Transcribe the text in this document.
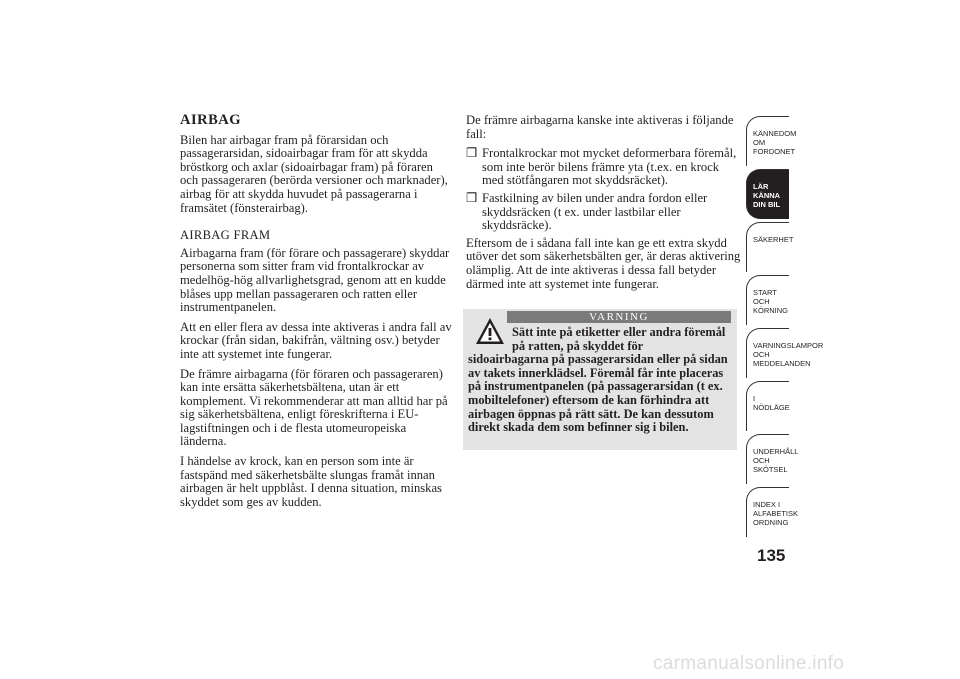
AIRBAG

Bilen har airbagar fram på förarsidan och passagerarsidan, sidoairbagar fram för att skydda bröstkorg och axlar (sidoairbagar fram) på föraren och passageraren (berörda versioner och marknader), airbag för att skydda huvudet på passagerarna i framsätet (fönsterairbag).

AIRBAG FRAM

Airbagarna fram (för förare och passagerare) skyddar personerna som sitter fram vid frontalkrockar av medelhög-hög allvarlighetsgrad, genom att en kudde blåses upp mellan passageraren och ratten eller instrumentpanelen.

Att en eller flera av dessa inte aktiveras i andra fall av krockar (från sidan, bakifrån, vältning osv.) betyder inte att systemet inte fungerar.

De främre airbagarna (för föraren och passageraren) kan inte ersätta säkerhetsbältena, utan är ett komplement. Vi rekommenderar att man alltid har på sig säkerhetsbältena, enligt föreskrifterna i EU-lagstiftningen och i de flesta utomeuropeiska länderna.

I händelse av krock, kan en person som inte är fastspänd med säkerhetsbälte slungas framåt innan airbagen är helt uppblåst. I denna situation, minskas skyddet som ges av kudden.

De främre airbagarna kanske inte aktiveras i följande fall:

❒ Frontalkrockar mot mycket deformerbara föremål, som inte berör bilens främre yta (t.ex. en krock med stötfångaren mot skyddsräcket).
❒ Fastkilning av bilen under andra fordon eller skyddsräcken (t ex. under lastbilar eller skyddsräcke).

Eftersom de i sådana fall inte kan ge ett extra skydd utöver det som säkerhetsbälten ger, är deras aktivering olämplig. Att de inte aktiveras i dessa fall betyder därmed inte att systemet inte fungerar.

VARNING
Sätt inte på etiketter eller andra föremål på ratten, på skyddet för
sidoairbagarna på passagerarsidan eller på sidan av takets innerklädsel. Föremål får inte placeras på instrumentpanelen (på passagerarsidan (t ex. mobiltelefoner) eftersom de kan förhindra att airbagen öppnas på rätt sätt. De kan dessutom direkt skada dem som befinner sig i bilen.
KÄNNEDOM OM FORDONET
LÄR KÄNNA DIN BIL
SÄKERHET
START OCH KÖRNING
VARNINGSLAMPOR OCH MEDDELANDEN
I NÖDLÄGE
UNDERHÅLL OCH SKÖTSEL
INDEX I ALFABETISK ORDNING
135
carmanualsonline.info
